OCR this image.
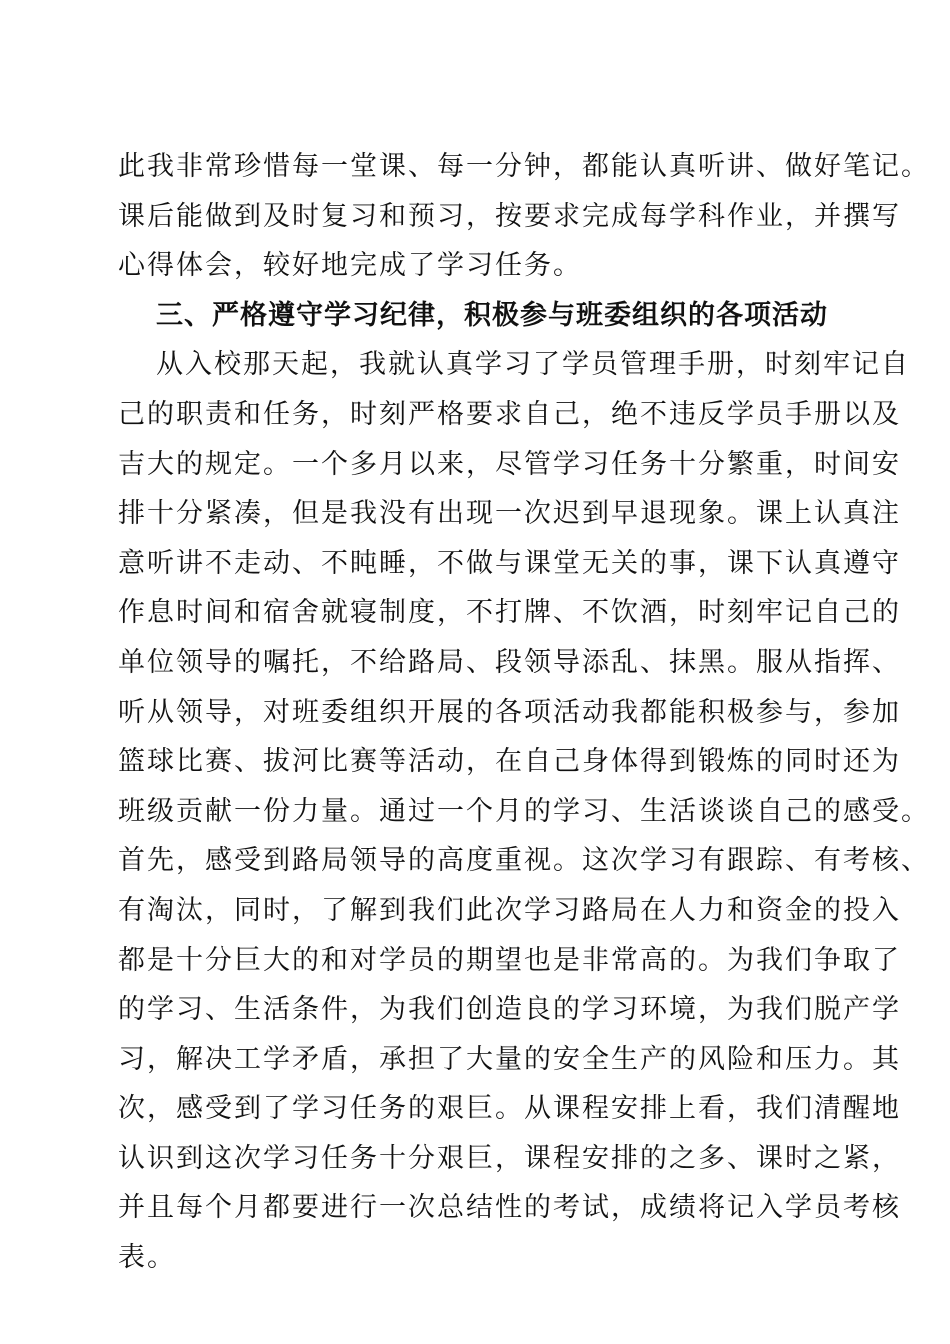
此我非常珍惜每一堂课、每一分钟，都能认真听讲、做好笔记。
课后能做到及时复习和预习，按要求完成每学科作业，并撰写
心得体会，较好地完成了学习任务。
三、严格遵守学习纪律，积极参与班委组织的各项活动
从入校那天起，我就认真学习了学员管理手册，时刻牢记自
己的职责和任务，时刻严格要求自己，绝不违反学员手册以及
吉大的规定。一个多月以来，尽管学习任务十分繁重，时间安
排十分紧凑，但是我没有出现一次迟到早退现象。课上认真注
意听讲不走动、不盹睡，不做与课堂无关的事，课下认真遵守
作息时间和宿舍就寝制度，不打牌、不饮酒，时刻牢记自己的
单位领导的嘱托，不给路局、段领导添乱、抹黑。服从指挥、
听从领导，对班委组织开展的各项活动我都能积极参与，参加
篮球比赛、拔河比赛等活动，在自己身体得到锻炼的同时还为
班级贡献一份力量。通过一个月的学习、生活谈谈自己的感受。
首先，感受到路局领导的高度重视。这次学习有跟踪、有考核、
有淘汰，同时，了解到我们此次学习路局在人力和资金的投入
都是十分巨大的和对学员的期望也是非常高的。为我们争取了
的学习、生活条件，为我们创造良的学习环境，为我们脱产学
习，解决工学矛盾，承担了大量的安全生产的风险和压力。其
次，感受到了学习任务的艰巨。从课程安排上看，我们清醒地
认识到这次学习任务十分艰巨，课程安排的之多、课时之紧，
并且每个月都要进行一次总结性的考试，成绩将记入学员考核
表。
